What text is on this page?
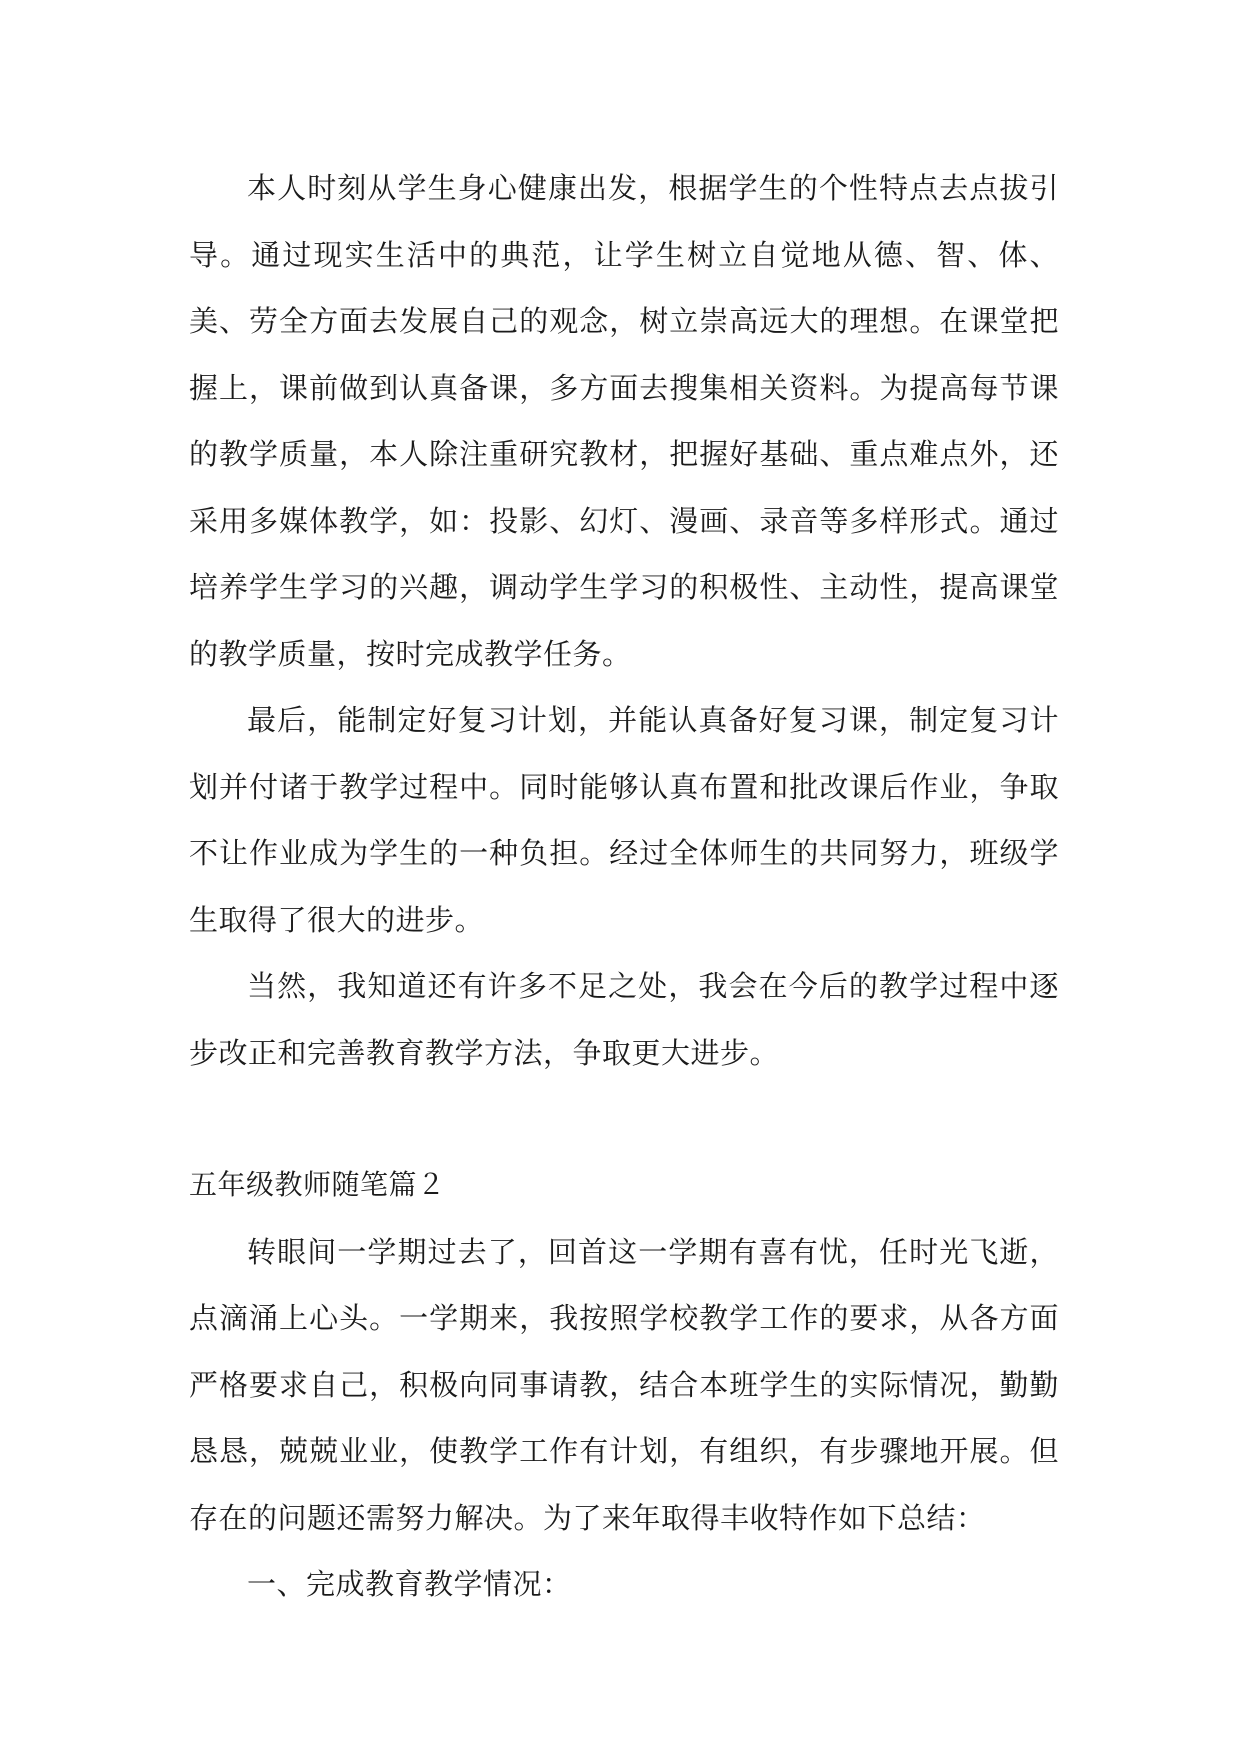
本人时刻从学生身心健康出发，根据学生的个性特点去点拔引导。通过现实生活中的典范，让学生树立自觉地从德、智、体、美、劳全方面去发展自己的观念，树立崇高远大的理想。在课堂把握上，课前做到认真备课，多方面去搜集相关资料。为提高每节课的教学质量，本人除注重研究教材，把握好基础、重点难点外，还采用多媒体教学，如：投影、幻灯、漫画、录音等多样形式。通过培养学生学习的兴趣，调动学生学习的积极性、主动性，提高课堂的教学质量，按时完成教学任务。

最后，能制定好复习计划，并能认真备好复习课，制定复习计划并付诸于教学过程中。同时能够认真布置和批改课后作业，争取不让作业成为学生的一种负担。经过全体师生的共同努力，班级学生取得了很大的进步。

当然，我知道还有许多不足之处，我会在今后的教学过程中逐步改正和完善教育教学方法，争取更大进步。

五年级教师随笔篇２

转眼间一学期过去了，回首这一学期有喜有忧，任时光飞逝，点滴涌上心头。一学期来，我按照学校教学工作的要求，从各方面严格要求自己，积极向同事请教，结合本班学生的实际情况，勤勤恳恳，兢兢业业，使教学工作有计划，有组织，有步骤地开展。但存在的问题还需努力解决。为了来年取得丰收特作如下总结：

一、完成教育教学情况：
